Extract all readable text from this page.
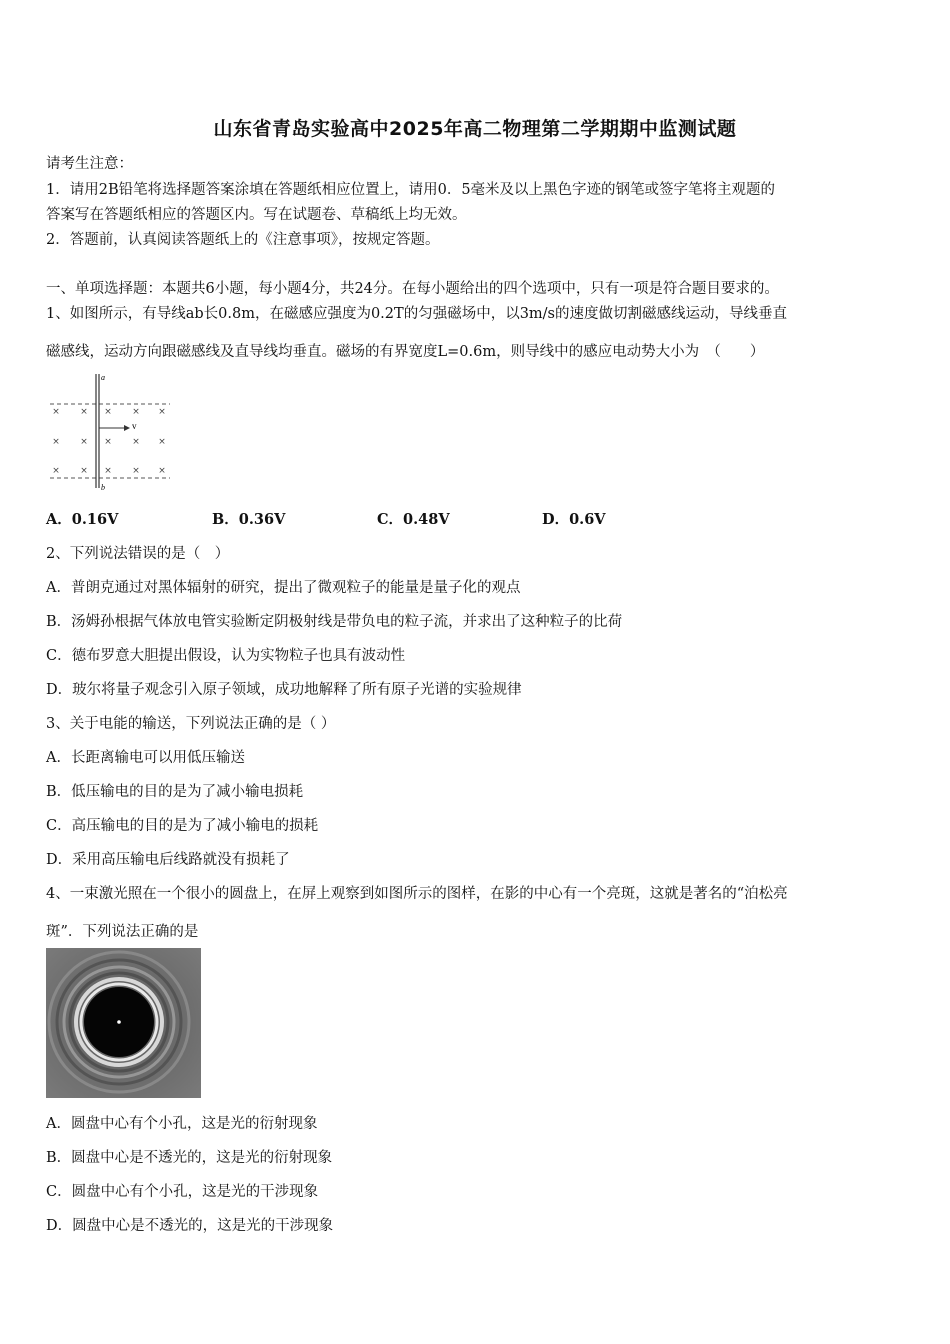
山东省青岛实验高中2025年高二物理第二学期期中监测试题
请考生注意：
1．请用2B铅笔将选择题答案涂填在答题纸相应位置上，请用0．5毫米及以上黑色字迹的钢笔或签字笔将主观题的
答案写在答题纸相应的答题区内。写在试题卷、草稿纸上均无效。
2．答题前，认真阅读答题纸上的《注意事项》，按规定答题。
一、单项选择题：本题共6小题，每小题4分，共24分。在每小题给出的四个选项中，只有一项是符合题目要求的。
1、如图所示，有导线ab长0.8m，在磁感应强度为0.2T的匀强磁场中，以3m/s的速度做切割磁感线运动，导线垂直
磁感线，运动方向跟磁感线及直导线均垂直。磁场的有界宽度L=0.6m，则导线中的感应电动势大小为　（　　）
a
b
v
× × × × ×
× × × × ×
× × × × ×
A．0.16V	B．0.36V	C．0.48V	D．0.6V
2、下列说法错误的是（　）
A．普朗克通过对黑体辐射的研究，提出了微观粒子的能量是量子化的观点
B．汤姆孙根据气体放电管实验断定阴极射线是带负电的粒子流，并求出了这种粒子的比荷
C．德布罗意大胆提出假设，认为实物粒子也具有波动性
D．玻尔将量子观念引入原子领域，成功地解释了所有原子光谱的实验规律
3、关于电能的输送，下列说法正确的是（ ）
A．长距离输电可以用低压输送
B．低压输电的目的是为了减小输电损耗
C．高压输电的目的是为了减小输电的损耗
D．采用高压输电后线路就没有损耗了
4、一束激光照在一个很小的圆盘上，在屏上观察到如图所示的图样，在影的中心有一个亮斑，这就是著名的“泊松亮
斑”．下列说法正确的是
A．圆盘中心有个小孔，这是光的衍射现象
B．圆盘中心是不透光的，这是光的衍射现象
C．圆盘中心有个小孔，这是光的干涉现象
D．圆盘中心是不透光的，这是光的干涉现象
